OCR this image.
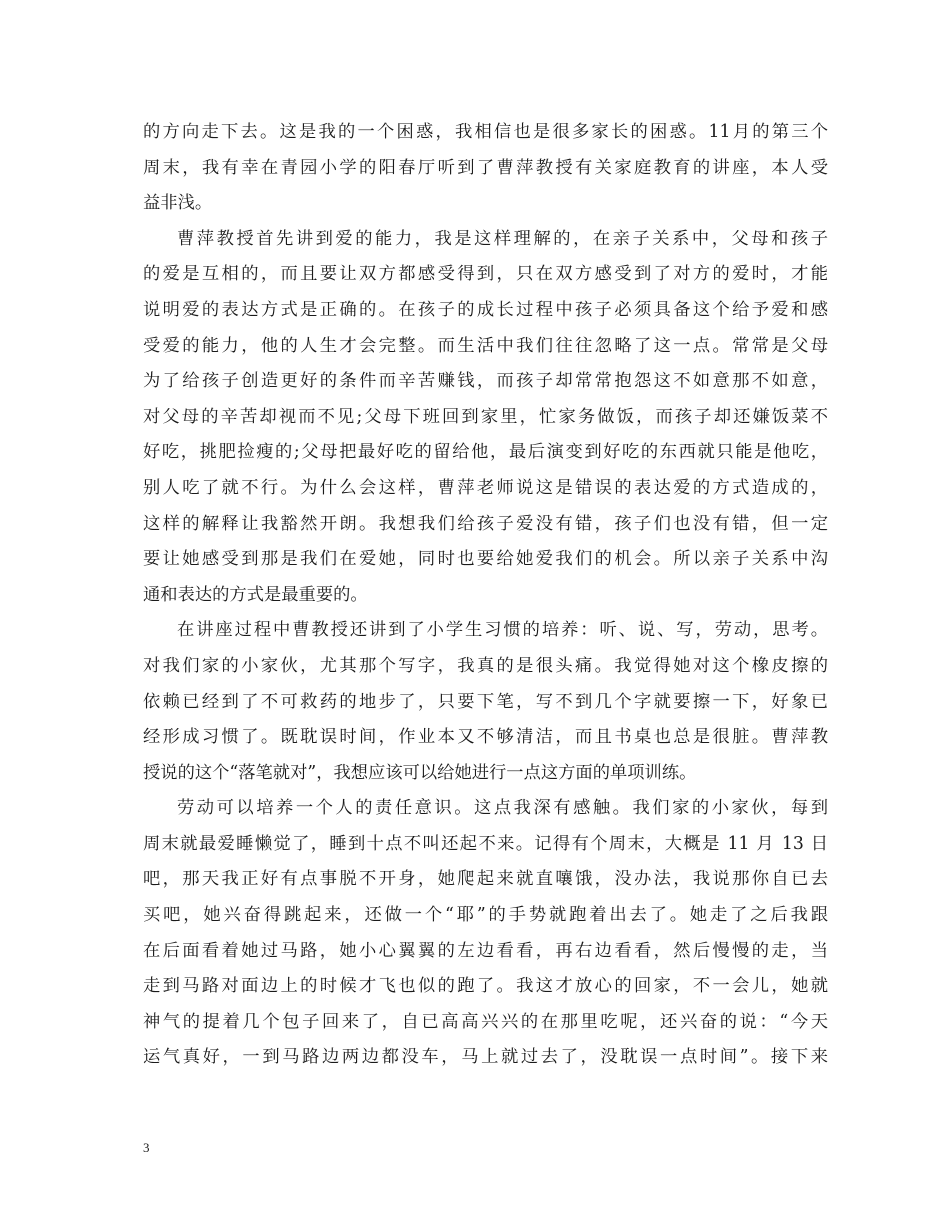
的方向走下去。这是我的一个困惑，我相信也是很多家长的困惑。11月的第三个
周末，我有幸在青园小学的阳春厅听到了曹萍教授有关家庭教育的讲座，本人受
益非浅。
曹萍教授首先讲到爱的能力，我是这样理解的，在亲子关系中，父母和孩子
的爱是互相的，而且要让双方都感受得到，只在双方感受到了对方的爱时，才能
说明爱的表达方式是正确的。在孩子的成长过程中孩子必须具备这个给予爱和感
受爱的能力，他的人生才会完整。而生活中我们往往忽略了这一点。常常是父母
为了给孩子创造更好的条件而辛苦赚钱，而孩子却常常抱怨这不如意那不如意，
对父母的辛苦却视而不见;父母下班回到家里，忙家务做饭，而孩子却还嫌饭菜不
好吃，挑肥捡瘦的;父母把最好吃的留给他，最后演变到好吃的东西就只能是他吃，
别人吃了就不行。为什么会这样，曹萍老师说这是错误的表达爱的方式造成的，
这样的解释让我豁然开朗。我想我们给孩子爱没有错，孩子们也没有错，但一定
要让她感受到那是我们在爱她，同时也要给她爱我们的机会。所以亲子关系中沟
通和表达的方式是最重要的。
在讲座过程中曹教授还讲到了小学生习惯的培养：听、说、写，劳动，思考。
对我们家的小家伙，尤其那个写字，我真的是很头痛。我觉得她对这个橡皮擦的
依赖已经到了不可救药的地步了，只要下笔，写不到几个字就要擦一下，好象已
经形成习惯了。既耽误时间，作业本又不够清洁，而且书桌也总是很脏。曹萍教
授说的这个“落笔就对”，我想应该可以给她进行一点这方面的单项训练。
劳动可以培养一个人的责任意识。这点我深有感触。我们家的小家伙，每到
周末就最爱睡懒觉了，睡到十点不叫还起不来。记得有个周末，大概是 11 月 13 日
吧，那天我正好有点事脱不开身，她爬起来就直嚷饿，没办法，我说那你自已去
买吧，她兴奋得跳起来，还做一个“耶”的手势就跑着出去了。她走了之后我跟
在后面看着她过马路，她小心翼翼的左边看看，再右边看看，然后慢慢的走，当
走到马路对面边上的时候才飞也似的跑了。我这才放心的回家，不一会儿，她就
神气的提着几个包子回来了，自已高高兴兴的在那里吃呢，还兴奋的说：“今天
运气真好，一到马路边两边都没车，马上就过去了，没耽误一点时间”。接下来
3
